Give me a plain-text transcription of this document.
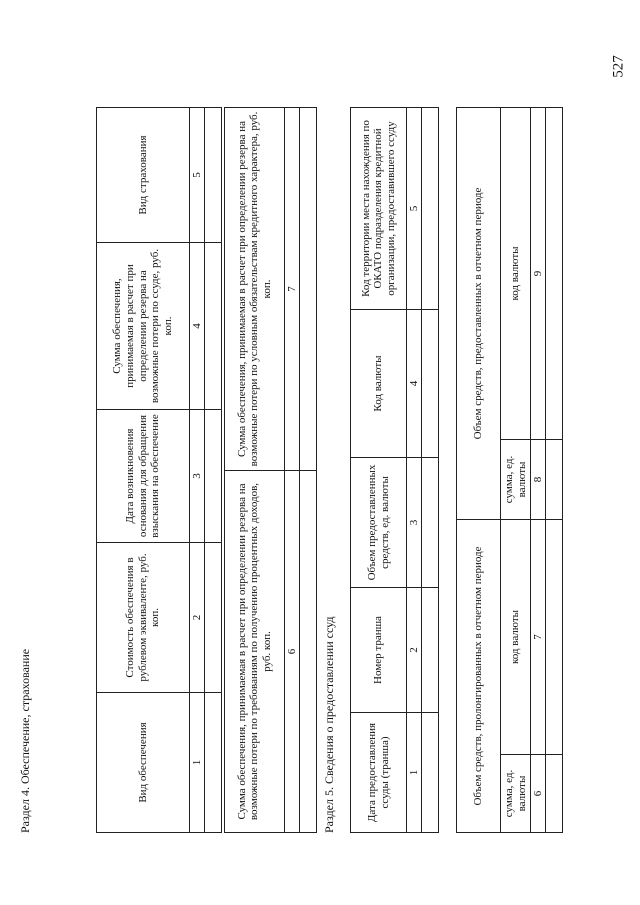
527
Раздел 4. Обеспечение, страхование	Вид обеспечения	Стоимость обеспечения в рублевом эквиваленте, руб. коп.	Дата возникновения основания для обращения взыскания на обеспечение	Сумма обеспечения, принимаемая в расчет при определении резерва на возможные потери по ссуде, руб. коп.	Вид страхования
1	2	3	4	5

Сумма обеспечения, принимаемая в расчет при определении резерва на возможные потери по требованиям по получению процентных доходов, руб. коп.	Сумма обеспечения, принимаемая в расчет при определении резерва на возможные потери по условным обязательствам кредитного характера, руб. коп.
6	7

Раздел 5. Сведения о предоставлении ссуд	Дата предоставления ссуды (транша)	Номер транша	Объем предоставленных средств, ед. валюты	Код валюты	Код территории места нахождения по ОКАТО подразделения кредитной организации, предоставившего ссуду
1	2	3	4	5

Объем средств, пролонгированных в отчетном периоде		Объем средств, предоставленных в отчетном периоде	
сумма, ед. валюты	код валюты	сумма, ед. валюты	код валюты
6	7	8	9
